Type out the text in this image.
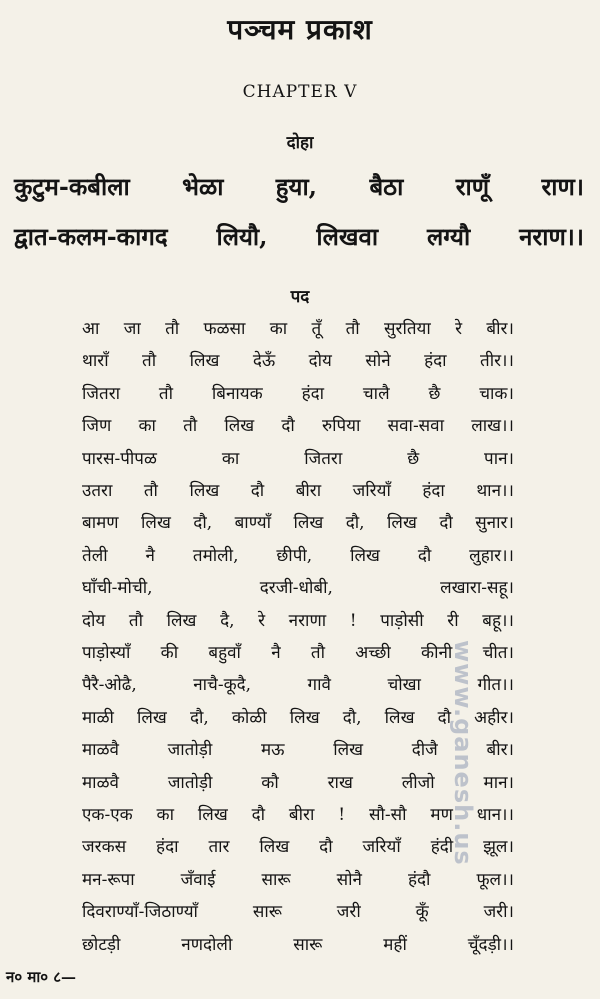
पञ्चम प्रकाश
CHAPTER V
दोहा
कुटुम-कबीला भेळा हुया, बैठा राणूँ राण।
द्वात-कलम-कागद लियौ, लिखवा लग्यौ नराण।।
पद
आ जा तौ फळसा का तूँ तौ सुरतिया रे बीर।
थाराँ तौ लिख देऊँ दोय सोने हंदा तीर।।
जितरा तौ बिनायक हंदा चालै छै चाक।
जिण का तौ लिख दौ रुपिया सवा-सवा लाख।।
पारस-पीपळ	का	जितरा	छै	पान।
उतरा तौ लिख दौ बीरा जरियाँ हंदा थान।।
बामण लिख दौ, बाण्याँ लिख दौ, लिख दौ सुनार।
तेली नै तमोली, छीपी, लिख दौ लुहार।।
घाँची-मोची,	दरजी-धोबी,	लखारा-सहू।
दोय तौ लिख दै, रे नराणा ! पाड़ोसी री बहू।।
पाड़ोस्याँ की बहुवाँ नै तौ अच्छी कीनी चीत।
पैरै-ओढै,	नाचै-कूदै,	गावै	चोखा	गीत।।
माळी लिख दौ, कोळी लिख दौ, लिख दौ अहीर।
माळवै	जातोड़ी	मऊ	लिख	दीजै	बीर।
माळवै	जातोड़ी	कौ	राख	लीजो	मान।
एक-एक का लिख दौ बीरा ! सौ-सौ मण धान।।
जरकस हंदा तार लिख दौ जरियाँ हंदी झूल।
मन-रूपा	जँवाई	सारू	सोनै	हंदौ	फूल।।
दिवराण्याँ-जिठाण्याँ	सारू	जरी	कूँ	जरी।
छोटड़ी	नणदोली	सारू	महीं	चूँदड़ी।।
www.ganesh.us
न० मा० ८—
